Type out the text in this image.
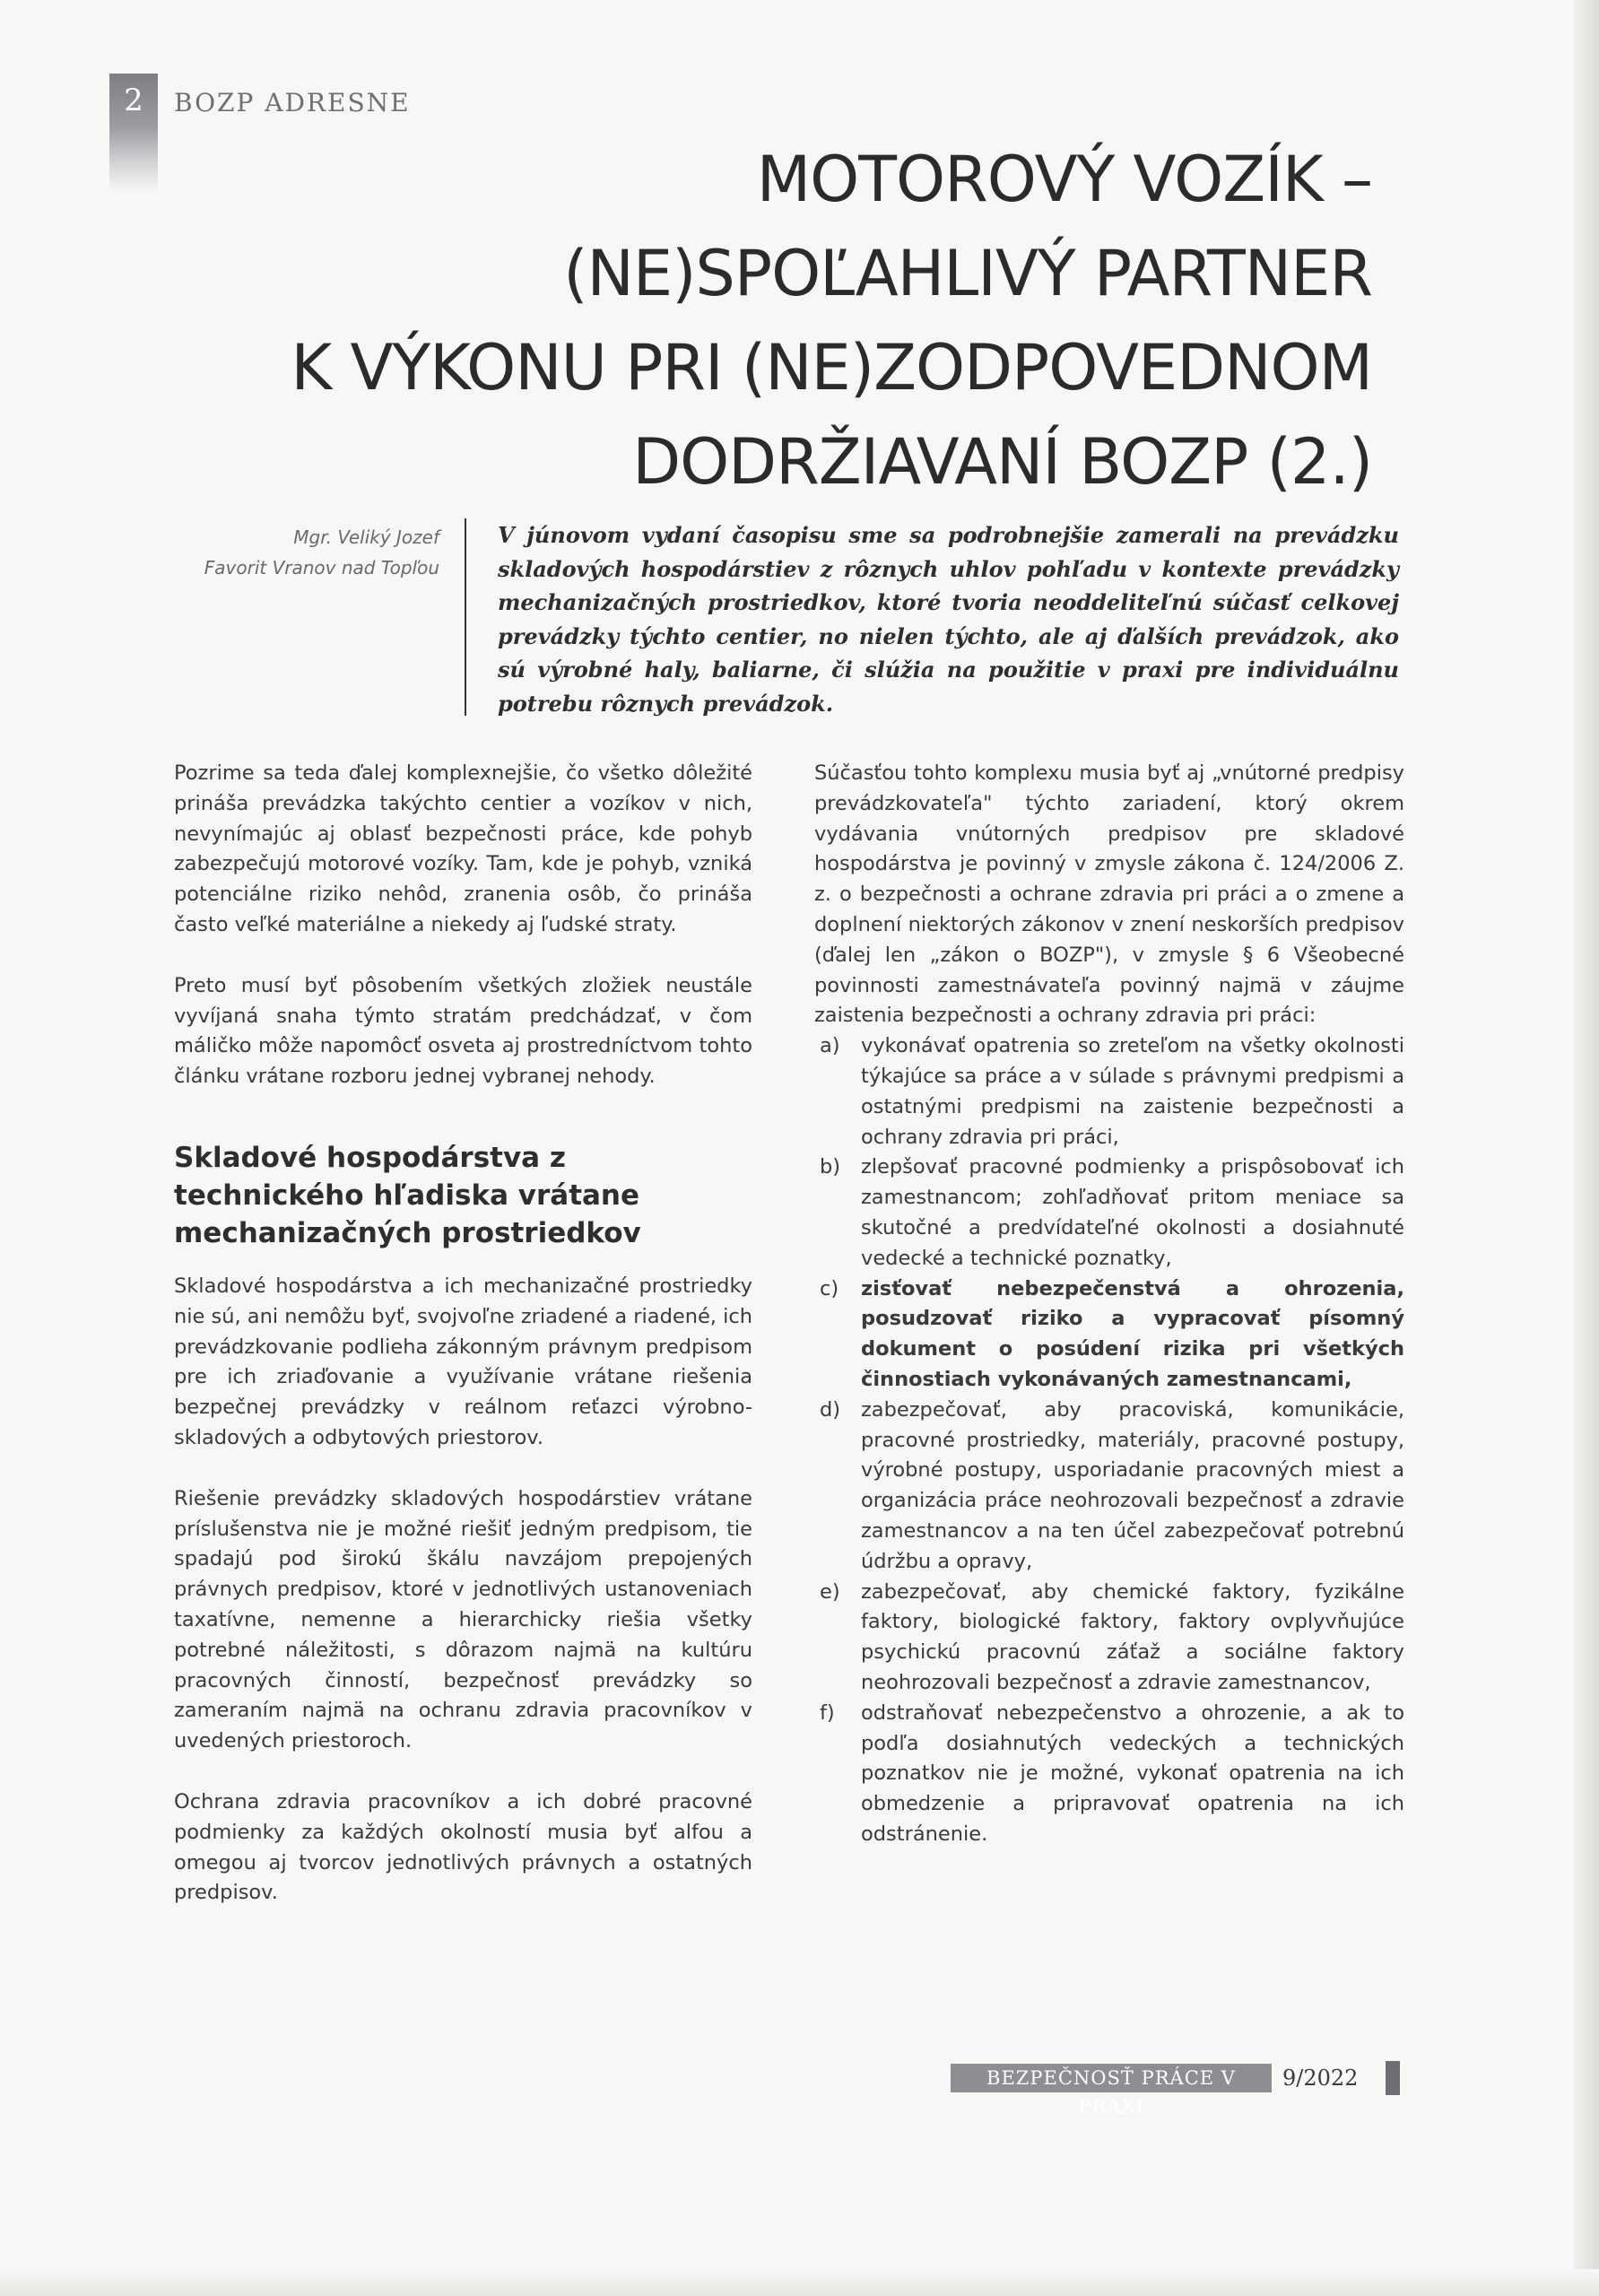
2	BOZP ADRESNE
MOTOROVÝ VOZÍK –
(NE)SPOĽAHLIVÝ PARTNER
K VÝKONU PRI (NE)ZODPOVEDNOM
DODRŽIAVANÍ BOZP (2.)
Mgr. Veliký Jozef
Favorit Vranov nad Topľou

V júnovom vydaní časopisu sme sa podrobnejšie zamerali na prevádzku skladových hospodárstiev z rôznych uhlov pohľadu v kontexte prevádzky mechanizačných prostriedkov, ktoré tvoria neoddeliteľnú súčasť celkovej prevádzky týchto centier, no nielen týchto, ale aj ďalších prevádzok, ako sú výrobné haly, baliarne, či slúžia na použitie v praxi pre individuálnu potrebu rôznych prevádzok.

Pozrime sa teda ďalej komplexnejšie, čo všetko dôležité prináša prevádzka takýchto centier a vozíkov v nich, nevynímajúc aj oblasť bezpečnosti práce, kde pohyb zabezpečujú motorové vozíky. Tam, kde je pohyb, vzniká potenciálne riziko nehôd, zranenia osôb, čo prináša často veľké materiálne a niekedy aj ľudské straty.

Preto musí byť pôsobením všetkých zložiek neustále vyvíjaná snaha týmto stratám predchádzať, v čom máličko môže napomôcť osveta aj prostredníctvom tohto článku vrátane rozboru jednej vybranej nehody.

Skladové hospodárstva z technického hľadiska vrátane mechanizačných prostriedkov

Skladové hospodárstva a ich mechanizačné prostriedky nie sú, ani nemôžu byť, svojvoľne zriadené a riadené, ich prevádzkovanie podlieha zákonným právnym predpisom pre ich zriaďovanie a využívanie vrátane riešenia bezpečnej prevádzky v reálnom reťazci výrobno-skladových a odbytových priestorov.

Riešenie prevádzky skladových hospodárstiev vrátane príslušenstva nie je možné riešiť jedným predpisom, tie spadajú pod širokú škálu navzájom prepojených právnych predpisov, ktoré v jednotlivých ustanoveniach taxatívne, nemenne a hierarchicky riešia všetky potrebné náležitosti, s dôrazom najmä na kultúru pracovných činností, bezpečnosť prevádzky so zameraním najmä na ochranu zdravia pracovníkov v uvedených priestoroch.

Ochrana zdravia pracovníkov a ich dobré pracovné podmienky za každých okolností musia byť alfou a omegou aj tvorcov jednotlivých právnych a ostatných predpisov.

Súčasťou tohto komplexu musia byť aj „vnútorné predpisy prevádzkovateľa" týchto zariadení, ktorý okrem vydávania vnútorných predpisov pre skladové hospodárstva je povinný v zmysle zákona č. 124/2006 Z. z. o bezpečnosti a ochrane zdravia pri práci a o zmene a doplnení niektorých zákonov v znení neskorších predpisov (ďalej len „zákon o BOZP"), v zmysle § 6 Všeobecné povinnosti zamestnávateľa povinný najmä v záujme zaistenia bezpečnosti a ochrany zdravia pri práci:

a) vykonávať opatrenia so zreteľom na všetky okolnosti týkajúce sa práce a v súlade s právnymi predpismi a ostatnými predpismi na zaistenie bezpečnosti a ochrany zdravia pri práci,
b) zlepšovať pracovné podmienky a prispôsobovať ich zamestnancom; zohľadňovať pritom meniace sa skutočné a predvídateľné okolnosti a dosiahnuté vedecké a technické poznatky,
c) zisťovať nebezpečenstvá a ohrozenia, posudzovať riziko a vypracovať písomný dokument o posúdení rizika pri všetkých činnostiach vykonávaných zamestnancami,
d) zabezpečovať, aby pracoviská, komunikácie, pracovné prostriedky, materiály, pracovné postupy, výrobné postupy, usporiadanie pracovných miest a organizácia práce neohrozovali bezpečnosť a zdravie zamestnancov a na ten účel zabezpečovať potrebnú údržbu a opravy,
e) zabezpečovať, aby chemické faktory, fyzikálne faktory, biologické faktory, faktory ovplyvňujúce psychickú pracovnú záťaž a sociálne faktory neohrozovali bezpečnosť a zdravie zamestnancov,
f) odstraňovať nebezpečenstvo a ohrozenie, a ak to podľa dosiahnutých vedeckých a technických poznatkov nie je možné, vykonať opatrenia na ich obmedzenie a pripravovať opatrenia na ich odstránenie.
BEZPEČNOSŤ PRÁCE V PRAXI
9/2022
